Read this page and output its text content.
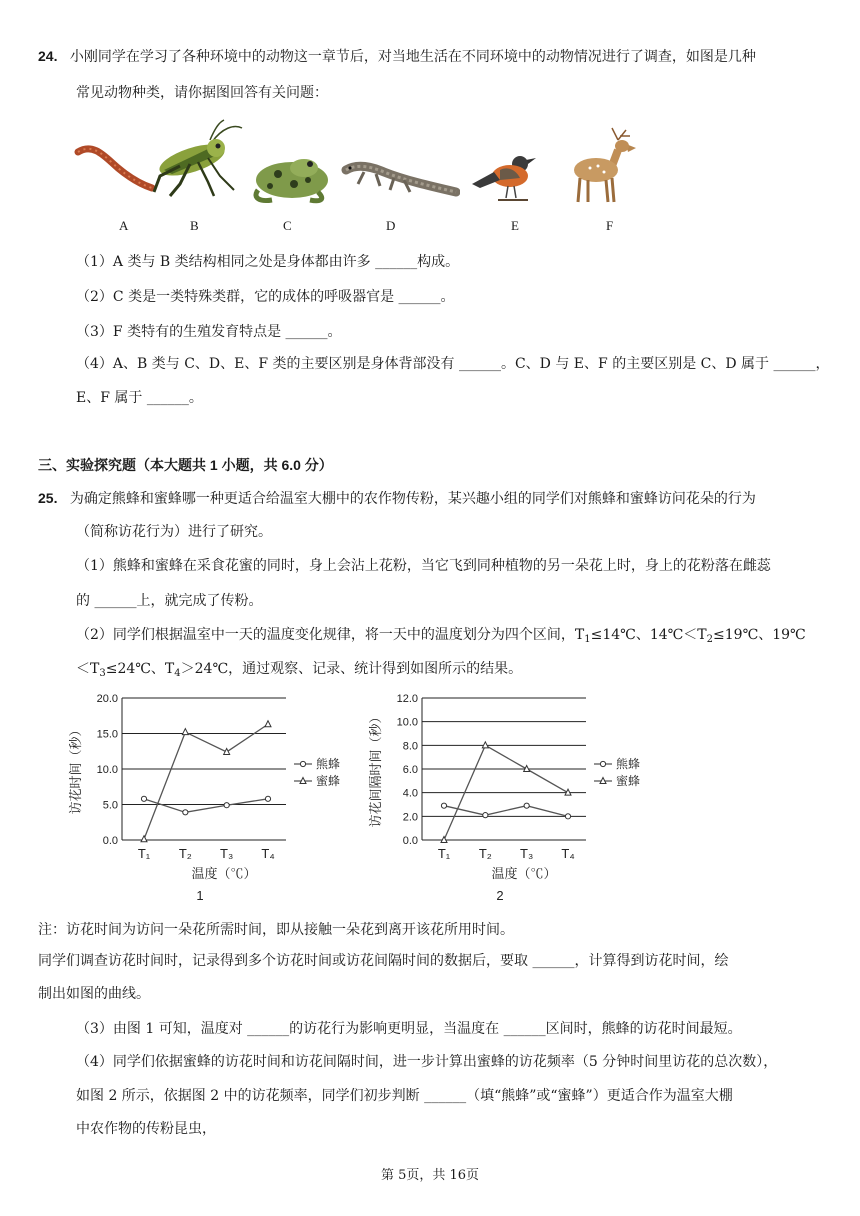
24. 小刚同学在学习了各种环境中的动物这一章节后，对当地生活在不同环境中的动物情况进行了调查，如图是几种
常见动物种类，请你据图回答有关问题：
A	B	C	D	E	F
（1）A 类与 B 类结构相同之处是身体都由许多 ______构成。
（2）C 类是一类特殊类群，它的成体的呼吸器官是 ______。
（3）F 类特有的生殖发育特点是 ______。
（4）A、B 类与 C、D、E、F 类的主要区别是身体背部没有 ______。C、D 与 E、F 的主要区别是 C、D 属于 ______，
E、F 属于 ______。
三、实验探究题（本大题共 1 小题，共 6.0 分）
25. 为确定熊蜂和蜜蜂哪一种更适合给温室大棚中的农作物传粉，某兴趣小组的同学们对熊蜂和蜜蜂访问花朵的行为
（简称访花行为）进行了研究。
（1）熊蜂和蜜蜂在采食花蜜的同时，身上会沾上花粉，当它飞到同种植物的另一朵花上时，身上的花粉落在雌蕊
的 ______上，就完成了传粉。
（2）同学们根据温室中一天的温度变化规律，将一天中的温度划分为四个区间，$T_1\le 14℃$、$14℃<T_2\le 19℃$、19℃
$<T_3\le 24℃$、$T_4>24℃$，通过观察、记录、统计得到如图所示的结果。
0.0
5.0
10.0
15.0
20.0
T₁ T₂ T₃ T₄
访花时间（秒）
温度（℃）
1
熊蜂
蜜蜂
0.0
2.0
4.0
6.0
8.0
10.0
12.0
T₁ T₂ T₃ T₄
访花间隔时间（秒）
温度（℃）
2
熊蜂
蜜蜂
注：访花时间为访问一朵花所需时间，即从接触一朵花到离开该花所用时间。
同学们调查访花时间时，记录得到多个访花时间或访花间隔时间的数据后，要取 ______，计算得到访花时间，绘
制出如图的曲线。
（3）由图 1 可知，温度对 ______的访花行为影响更明显，当温度在 ______区间时，熊蜂的访花时间最短。
（4）同学们依据蜜蜂的访花时间和访花间隔时间，进一步计算出蜜蜂的访花频率（5 分钟时间里访花的总次数），
如图 2 所示，依据图 2 中的访花频率，同学们初步判断 ______（填“熊蜂”或“蜜蜂”）更适合作为温室大棚
中农作物的传粉昆虫，
第 5页，共 16页
